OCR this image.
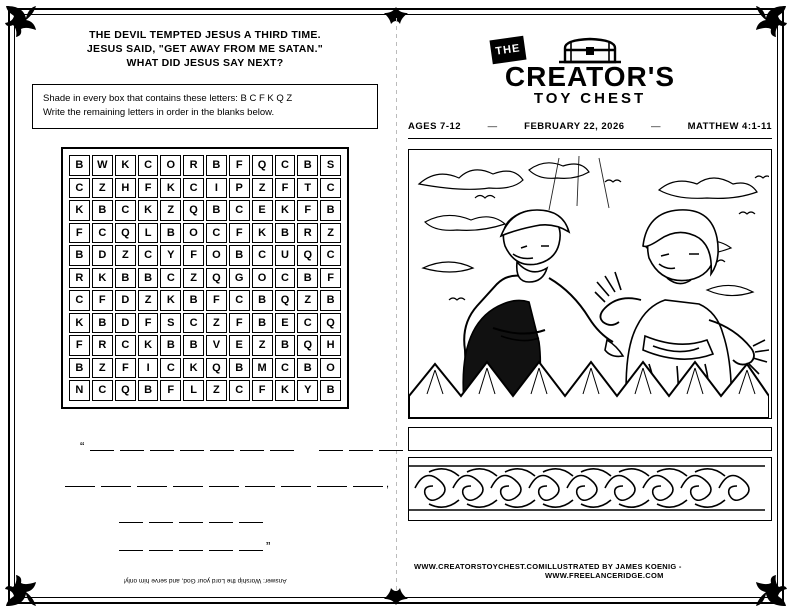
THE DEVIL TEMPTED JESUS A THIRD TIME.
JESUS SAID, "GET AWAY FROM ME SATAN."
WHAT DID JESUS SAY NEXT?
Shade in every box that contains these letters: B C F K Q Z
Write the remaining letters in order in the blanks below.
B	W	K	C	O	R	B	F	Q	C	B	S
C	Z	H	F	K	C	I	P	Z	F	T	C
K	B	C	K	Z	Q	B	C	E	K	F	B
F	C	Q	L	B	O	C	F	K	B	R	Z
B	D	Z	C	Y	F	O	B	C	U	Q	C
R	K	B	B	C	Z	Q	G	O	C	B	F
C	F	D	Z	K	B	F	C	B	Q	Z	B
K	B	D	F	S	C	Z	F	B	E	C	Q
F	R	C	K	B	B	V	E	Z	B	Q	H
B	Z	F	I	C	K	Q	B	M	C	B	O
N	C	Q	B	F	L	Z	C	F	K	Y	B
“
,
”
Answer: Worship the Lord your God, and serve him only!
THE
CREATOR'S
TOY CHEST
AGES 7-12	—	FEBRUARY 22, 2026	—	MATTHEW 4:1-11
WWW.CREATORSTOYCHEST.COM ILLUSTRATED BY JAMES KOENIG - WWW.FREELANCERIDGE.COM
